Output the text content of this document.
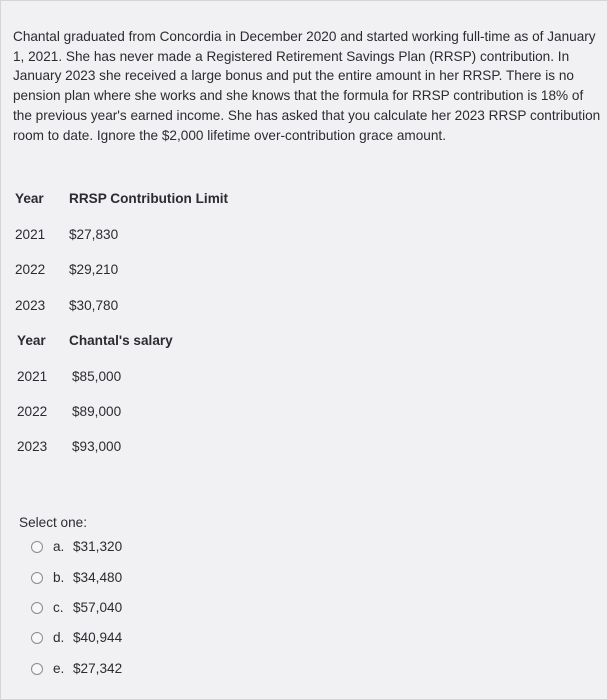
Chantal graduated from Concordia in December 2020 and started working full-time as of January 1, 2021. She has never made a Registered Retirement Savings Plan (RRSP) contribution. In January 2023 she received a large bonus and put the entire amount in her RRSP. There is no pension plan where she works and she knows that the formula for RRSP contribution is 18% of the previous year's earned income. She has asked that you calculate her 2023 RRSP contribution room to date. Ignore the $2,000 lifetime over-contribution grace amount.

Year RRSP Contribution Limit
2021 $27,830
2022 $29,210
2023 $30,780
Year Chantal's salary
2021 $85,000
2022 $89,000
2023 $93,000
Select one:
a. $31,320
b. $34,480
c. $57,040
d. $40,944
e. $27,342
